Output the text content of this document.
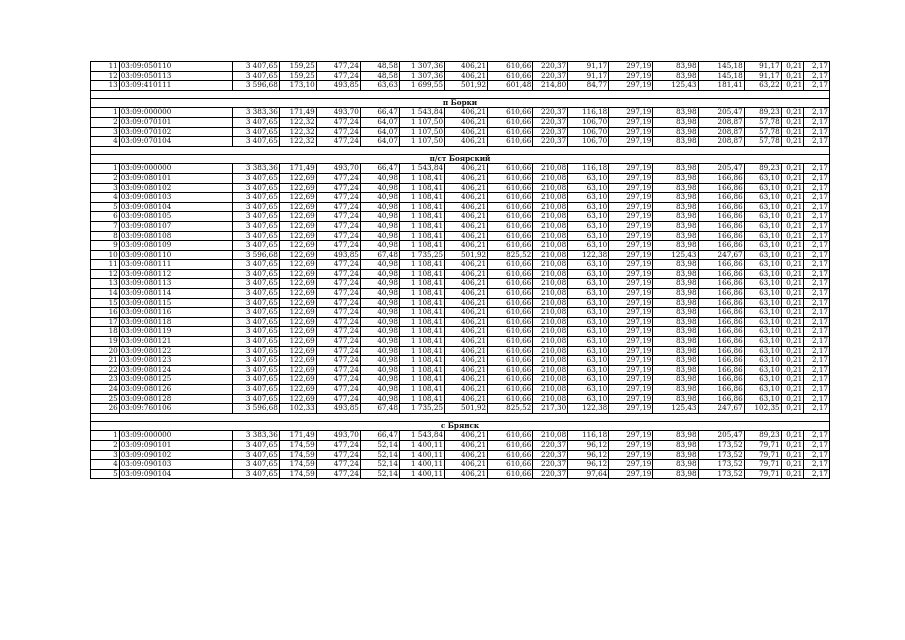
11	03:09:050110	3 407,65	159,25	477,24	48,58	1 307,36	406,21	610,66	220,37	91,17	297,19	83,98	145,18	91,17	0,21	2,17
12	03:09:050113	3 407,65	159,25	477,24	48,58	1 307,36	406,21	610,66	220,37	91,17	297,19	83,98	145,18	91,17	0,21	2,17
13	03:09:410111	3 596,68	173,10	493,85	63,63	1 699,55	501,92	601,48	214,80	84,77	297,19	125,43	181,41	63,22	0,21	2,17

п Борки																
1	03:09:000000	3 383,36	171,49	493,70	66,47	1 543,84	406,21	610,66	220,37	116,18	297,19	83,98	205,47	89,23	0,21	2,17
2	03:09:070101	3 407,65	122,32	477,24	64,07	1 107,50	406,21	610,66	220,37	106,70	297,19	83,98	208,87	57,78	0,21	2,17
3	03:09:070102	3 407,65	122,32	477,24	64,07	1 107,50	406,21	610,66	220,37	106,70	297,19	83,98	208,87	57,78	0,21	2,17
4	03:09:070104	3 407,65	122,32	477,24	64,07	1 107,50	406,21	610,66	220,37	106,70	297,19	83,98	208,87	57,78	0,21	2,17

п/ст Боярский																
1	03:09:000000	3 383,36	171,49	493,70	66,47	1 543,84	406,21	610,66	210,08	116,18	297,19	83,98	205,47	89,23	0,21	2,17
2	03:09:080101	3 407,65	122,69	477,24	40,98	1 108,41	406,21	610,66	210,08	63,10	297,19	83,98	166,86	63,10	0,21	2,17
3	03:09:080102	3 407,65	122,69	477,24	40,98	1 108,41	406,21	610,66	210,08	63,10	297,19	83,98	166,86	63,10	0,21	2,17
4	03:09:080103	3 407,65	122,69	477,24	40,98	1 108,41	406,21	610,66	210,08	63,10	297,19	83,98	166,86	63,10	0,21	2,17
5	03:09:080104	3 407,65	122,69	477,24	40,98	1 108,41	406,21	610,66	210,08	63,10	297,19	83,98	166,86	63,10	0,21	2,17
6	03:09:080105	3 407,65	122,69	477,24	40,98	1 108,41	406,21	610,66	210,08	63,10	297,19	83,98	166,86	63,10	0,21	2,17
7	03:09:080107	3 407,65	122,69	477,24	40,98	1 108,41	406,21	610,66	210,08	63,10	297,19	83,98	166,86	63,10	0,21	2,17
8	03:09:080108	3 407,65	122,69	477,24	40,98	1 108,41	406,21	610,66	210,08	63,10	297,19	83,98	166,86	63,10	0,21	2,17
9	03:09:080109	3 407,65	122,69	477,24	40,98	1 108,41	406,21	610,66	210,08	63,10	297,19	83,98	166,86	63,10	0,21	2,17
10	03:09:080110	3 596,68	122,69	493,85	67,48	1 735,25	501,92	825,52	210,08	122,38	297,19	125,43	247,67	63,10	0,21	2,17
11	03:09:080111	3 407,65	122,69	477,24	40,98	1 108,41	406,21	610,66	210,08	63,10	297,19	83,98	166,86	63,10	0,21	2,17
12	03:09:080112	3 407,65	122,69	477,24	40,98	1 108,41	406,21	610,66	210,08	63,10	297,19	83,98	166,86	63,10	0,21	2,17
13	03:09:080113	3 407,65	122,69	477,24	40,98	1 108,41	406,21	610,66	210,08	63,10	297,19	83,98	166,86	63,10	0,21	2,17
14	03:09:080114	3 407,65	122,69	477,24	40,98	1 108,41	406,21	610,66	210,08	63,10	297,19	83,98	166,86	63,10	0,21	2,17
15	03:09:080115	3 407,65	122,69	477,24	40,98	1 108,41	406,21	610,66	210,08	63,10	297,19	83,98	166,86	63,10	0,21	2,17
16	03:09:080116	3 407,65	122,69	477,24	40,98	1 108,41	406,21	610,66	210,08	63,10	297,19	83,98	166,86	63,10	0,21	2,17
17	03:09:080118	3 407,65	122,69	477,24	40,98	1 108,41	406,21	610,66	210,08	63,10	297,19	83,98	166,86	63,10	0,21	2,17
18	03:09:080119	3 407,65	122,69	477,24	40,98	1 108,41	406,21	610,66	210,08	63,10	297,19	83,98	166,86	63,10	0,21	2,17
19	03:09:080121	3 407,65	122,69	477,24	40,98	1 108,41	406,21	610,66	210,08	63,10	297,19	83,98	166,86	63,10	0,21	2,17
20	03:09:080122	3 407,65	122,69	477,24	40,98	1 108,41	406,21	610,66	210,08	63,10	297,19	83,98	166,86	63,10	0,21	2,17
21	03:09:080123	3 407,65	122,69	477,24	40,98	1 108,41	406,21	610,66	210,08	63,10	297,19	83,98	166,86	63,10	0,21	2,17
22	03:09:080124	3 407,65	122,69	477,24	40,98	1 108,41	406,21	610,66	210,08	63,10	297,19	83,98	166,86	63,10	0,21	2,17
23	03:09:080125	3 407,65	122,69	477,24	40,98	1 108,41	406,21	610,66	210,08	63,10	297,19	83,98	166,86	63,10	0,21	2,17
24	03:09:080126	3 407,65	122,69	477,24	40,98	1 108,41	406,21	610,66	210,08	63,10	297,19	83,98	166,86	63,10	0,21	2,17
25	03:09:080128	3 407,65	122,69	477,24	40,98	1 108,41	406,21	610,66	210,08	63,10	297,19	83,98	166,86	63,10	0,21	2,17
26	03:09:760106	3 596,68	102,33	493,85	67,48	1 735,25	501,92	825,52	217,30	122,38	297,19	125,43	247,67	102,35	0,21	2,17

с Брянск																
1	03:09:000000	3 383,36	171,49	493,70	66,47	1 543,84	406,21	610,66	210,08	116,18	297,19	83,98	205,47	89,23	0,21	2,17
2	03:09:090101	3 407,65	174,59	477,24	52,14	1 400,11	406,21	610,66	220,37	96,12	297,19	83,98	173,52	79,71	0,21	2,17
3	03:09:090102	3 407,65	174,59	477,24	52,14	1 400,11	406,21	610,66	220,37	96,12	297,19	83,98	173,52	79,71	0,21	2,17
4	03:09:090103	3 407,65	174,59	477,24	52,14	1 400,11	406,21	610,66	220,37	96,12	297,19	83,98	173,52	79,71	0,21	2,17
5	03:09:090104	3 407,65	174,59	477,24	52,14	1 400,11	406,21	610,66	220,37	97,64	297,19	83,98	173,52	79,71	0,21	2,17
